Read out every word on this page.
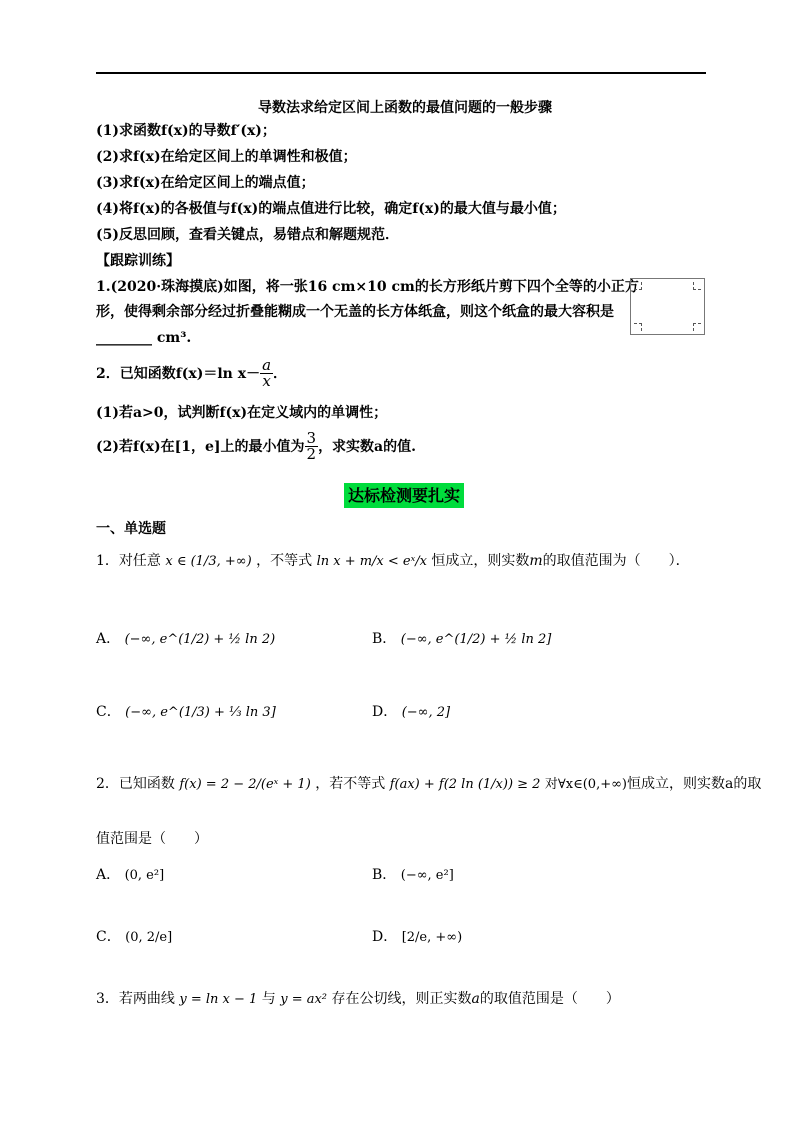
导数法求给定区间上函数的最值问题的一般步骤
(1)求函数f(x)的导数f′(x)；
(2)求f(x)在给定区间上的单调性和极值；
(3)求f(x)在给定区间上的端点值；
(4)将f(x)的各极值与f(x)的端点值进行比较，确定f(x)的最大值与最小值；
(5)反思回顾，查看关键点，易错点和解题规范．
【跟踪训练】
1.(2020·珠海摸底)如图，将一张16 cm×10 cm的长方形纸片剪下四个全等的小正方
形，使得剩余部分经过折叠能糊成一个无盖的长方体纸盒，则这个纸盒的最大容积是
________ cm³.
2．已知函数f(x)＝ln $x- \frac{a}{x}$ ．
(1)若a>0，试判断f(x)在定义域内的单调性；
(2)若f(x)在[1，e]上的最小值为 $\frac{3}{2}$ ，求实数a的值.
达标检测要扎实
一、单选题
1．对任意 x ∈ (1/3, +∞) ，不等式 ln x + m/x < eˣ/x 恒成立，则实数m的取值范围为（　　）．
A． (−∞, e^(1/2) + ½ ln 2)	B． (−∞, e^(1/2) + ½ ln 2]
C． (−∞, e^(1/3) + ⅓ ln 3]	D． (−∞, 2]
2．已知函数 f(x) = 2 − 2/(eˣ + 1) ，若不等式 f(ax) + f(2 ln (1/x)) ≥ 2 对∀x∈(0,+∞)恒成立，则实数a的取
值范围是（　　）
A． (0, e²]	B． (−∞, e²]
C． (0, 2/e]	D． [2/e, +∞)
3．若两曲线 y = ln x − 1 与 y = ax² 存在公切线，则正实数a的取值范围是（　　）
